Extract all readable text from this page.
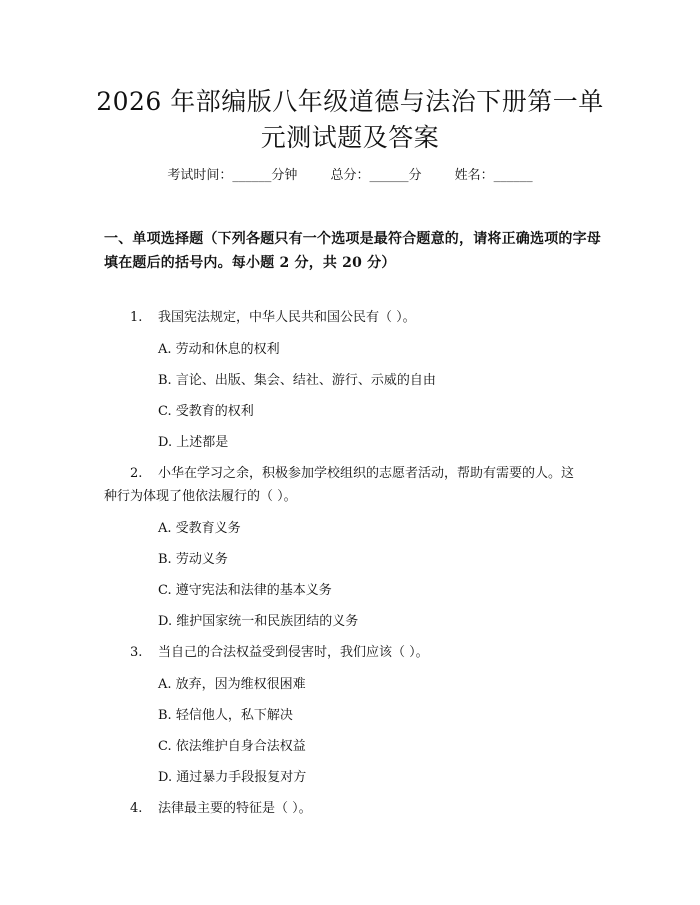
2026 年部编版八年级道德与法治下册第一单
元测试题及答案
考试时间：______分钟	总分：______分	姓名：______
一、单项选择题（下列各题只有一个选项是最符合题意的，请将正确选项的字母
填在题后的括号内。每小题 2 分，共 20 分）
1. 我国宪法规定，中华人民共和国公民有（ ）。
A. 劳动和休息的权利
B. 言论、出版、集会、结社、游行、示威的自由
C. 受教育的权利
D. 上述都是
2. 小华在学习之余，积极参加学校组织的志愿者活动，帮助有需要的人。这
种行为体现了他依法履行的（ ）。
A. 受教育义务
B. 劳动义务
C. 遵守宪法和法律的基本义务
D. 维护国家统一和民族团结的义务
3. 当自己的合法权益受到侵害时，我们应该（ ）。
A. 放弃，因为维权很困难
B. 轻信他人，私下解决
C. 依法维护自身合法权益
D. 通过暴力手段报复对方
4. 法律最主要的特征是（ ）。
